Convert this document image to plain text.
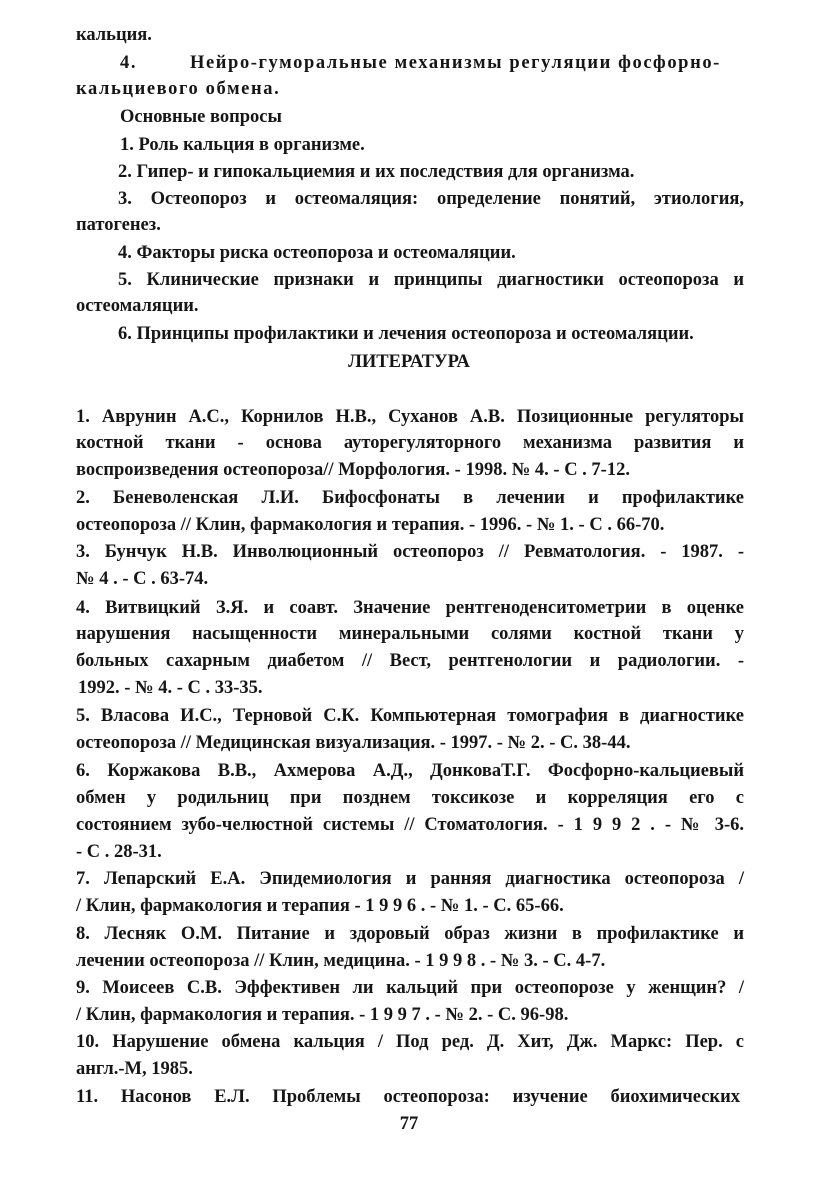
кальция.
4.	Нейро-гуморальные механизмы регуляции фосфорно-
кальциевого обмена.
Основные вопросы
1. Роль кальция в организме.
2. Гипер- и гипокальциемия и их последствия для организма.
3. Остеопороз и остеомаляция: определение понятий, этиология,
патогенез.
4. Факторы риска остеопороза и остеомаляции.
5. Клинические признаки и принципы диагностики остеопороза и
остеомаляции.
6. Принципы профилактики и лечения остеопороза и остеомаляции.
ЛИТЕРАТУРА
1. Аврунин А.С., Корнилов Н.В., Суханов А.В. Позиционные регуляторы
костной ткани - основа ауторегуляторного механизма развития и
воспроизведения остеопороза// Морфология. - 1998. № 4. - С . 7-12.
2. Беневоленская Л.И. Бифосфонаты в лечении и профилактике
остеопороза // Клин, фармакология и терапия. - 1996. - № 1. - С . 66-70.
3. Бунчук Н.В. Инволюционный остеопороз // Ревматология. - 1987. -
№ 4 . - С . 63-74.
4. Витвицкий З.Я. и соавт. Значение рентгеноденситометрии в оценке
нарушения насыщенности минеральными солями костной ткани у
больных сахарным диабетом // Вест, рентгенологии и радиологии. -
1992. - № 4. - С . 33-35.
5. Власова И.С., Терновой С.К. Компьютерная томография в диагностике
остеопороза // Медицинская визуализация. - 1997. - № 2. - С. 38-44.
6. Коржакова В.В., Ахмерова А.Д., ДонковаТ.Г. Фосфорно-кальциевый
обмен у родильниц при позднем токсикозе и корреляция его с
состоянием зубо-челюстной системы // Стоматология. - 1 9 9 2 . - № 3-6.
- С . 28-31.
7. Лепарский Е.А. Эпидемиология и ранняя диагностика остеопороза /
/ Клин, фармакология и терапия - 1 9 9 6 . - № 1. - С. 65-66.
8. Лесняк О.М. Питание и здоровый образ жизни в профилактике и
лечении остеопороза // Клин, медицина. - 1 9 9 8 . - № 3. - С. 4-7.
9. Моисеев С.В. Эффективен ли кальций при остеопорозе у женщин? /
/ Клин, фармакология и терапия. - 1 9 9 7 . - № 2. - С. 96-98.
10. Нарушение обмена кальция / Под ред. Д. Хит, Дж. Маркс: Пер. с
англ.-М, 1985.
11. Насонов Е.Л. Проблемы остеопороза: изучение биохимических
77
